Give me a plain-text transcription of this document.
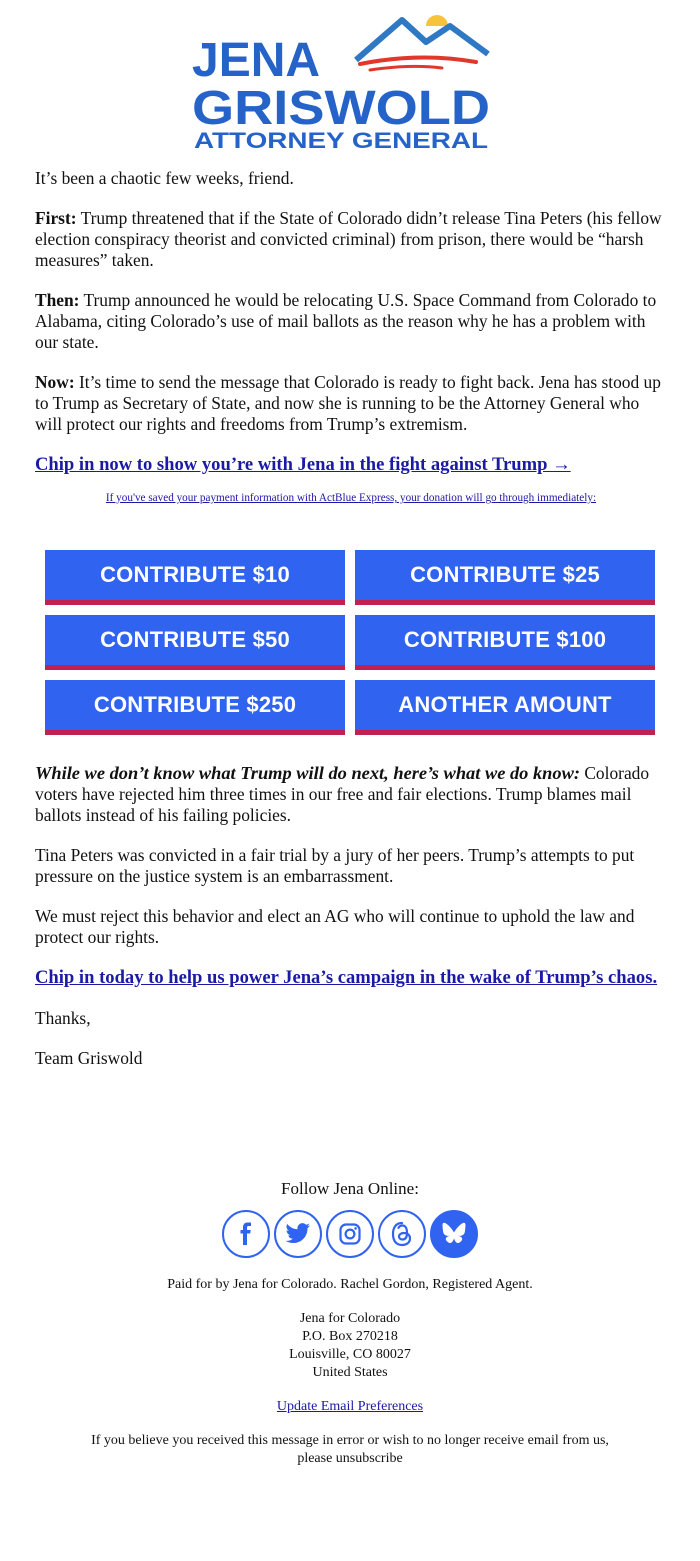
JENA
GRISWOLD
ATTORNEY GENERAL

It’s been a chaotic few weeks, friend.

First: Trump threatened that if the State of Colorado didn’t release Tina Peters (his fellow election conspiracy theorist and convicted criminal) from prison, there would be “harsh measures” taken.

Then: Trump announced he would be relocating U.S. Space Command from Colorado to Alabama, citing Colorado’s use of mail ballots as the reason why he has a problem with our state.

Now: It’s time to send the message that Colorado is ready to fight back. Jena has stood up to Trump as Secretary of State, and now she is running to be the Attorney General who will protect our rights and freedoms from Trump’s extremism.

Chip in now to show you’re with Jena in the fight against Trump →

If you've saved your payment information with ActBlue Express, your donation will go through immediately:

CONTRIBUTE $10	CONTRIBUTE $25
CONTRIBUTE $50	CONTRIBUTE $100
CONTRIBUTE $250	ANOTHER AMOUNT

While we don’t know what Trump will do next, here’s what we do know: Colorado voters have rejected him three times in our free and fair elections. Trump blames mail ballots instead of his failing policies.

Tina Peters was convicted in a fair trial by a jury of her peers. Trump’s attempts to put pressure on the justice system is an embarrassment.

We must reject this behavior and elect an AG who will continue to uphold the law and protect our rights.

Chip in today to help us power Jena’s campaign in the wake of Trump’s chaos.

Thanks,

Team Griswold

Follow Jena Online:

Paid for by Jena for Colorado. Rachel Gordon, Registered Agent.

Jena for Colorado
P.O. Box 270218
Louisville, CO 80027
United States

Update Email Preferences

If you believe you received this message in error or wish to no longer receive email from us,
please unsubscribe
